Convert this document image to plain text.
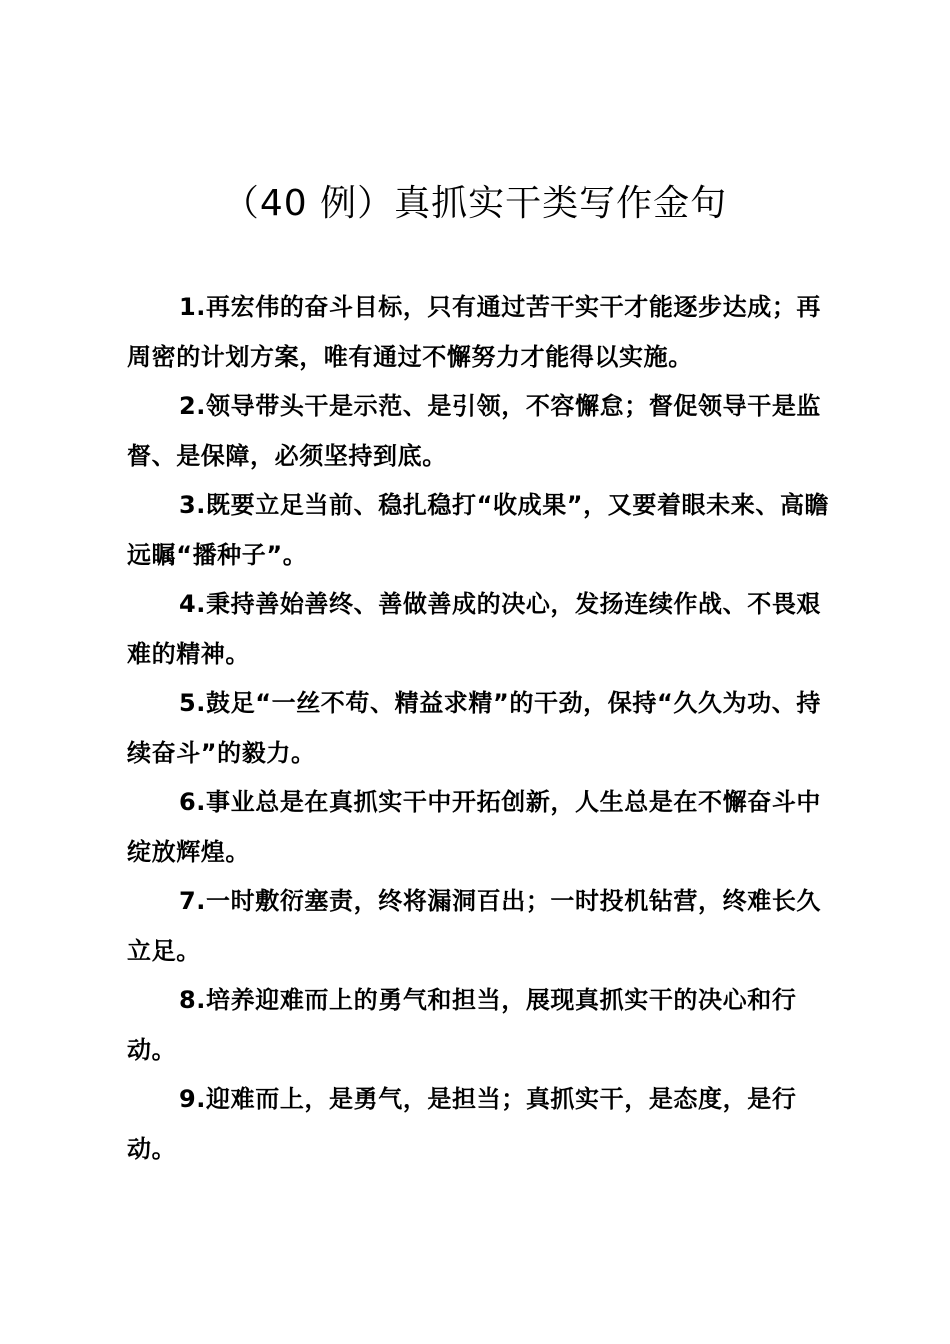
（40 例）真抓实干类写作金句

1.再宏伟的奋斗目标，只有通过苦干实干才能逐步达成；再周密的计划方案，唯有通过不懈努力才能得以实施。

2.领导带头干是示范、是引领，不容懈怠；督促领导干是监督、是保障，必须坚持到底。

3.既要立足当前、稳扎稳打“收成果”，又要着眼未来、高瞻远瞩“播种子”。

4.秉持善始善终、善做善成的决心，发扬连续作战、不畏艰难的精神。

5.鼓足“一丝不苟、精益求精”的干劲，保持“久久为功、持续奋斗”的毅力。

6.事业总是在真抓实干中开拓创新，人生总是在不懈奋斗中绽放辉煌。

7.一时敷衍塞责，终将漏洞百出；一时投机钻营，终难长久立足。

8.培养迎难而上的勇气和担当，展现真抓实干的决心和行动。

9.迎难而上，是勇气，是担当；真抓实干，是态度，是行动。
